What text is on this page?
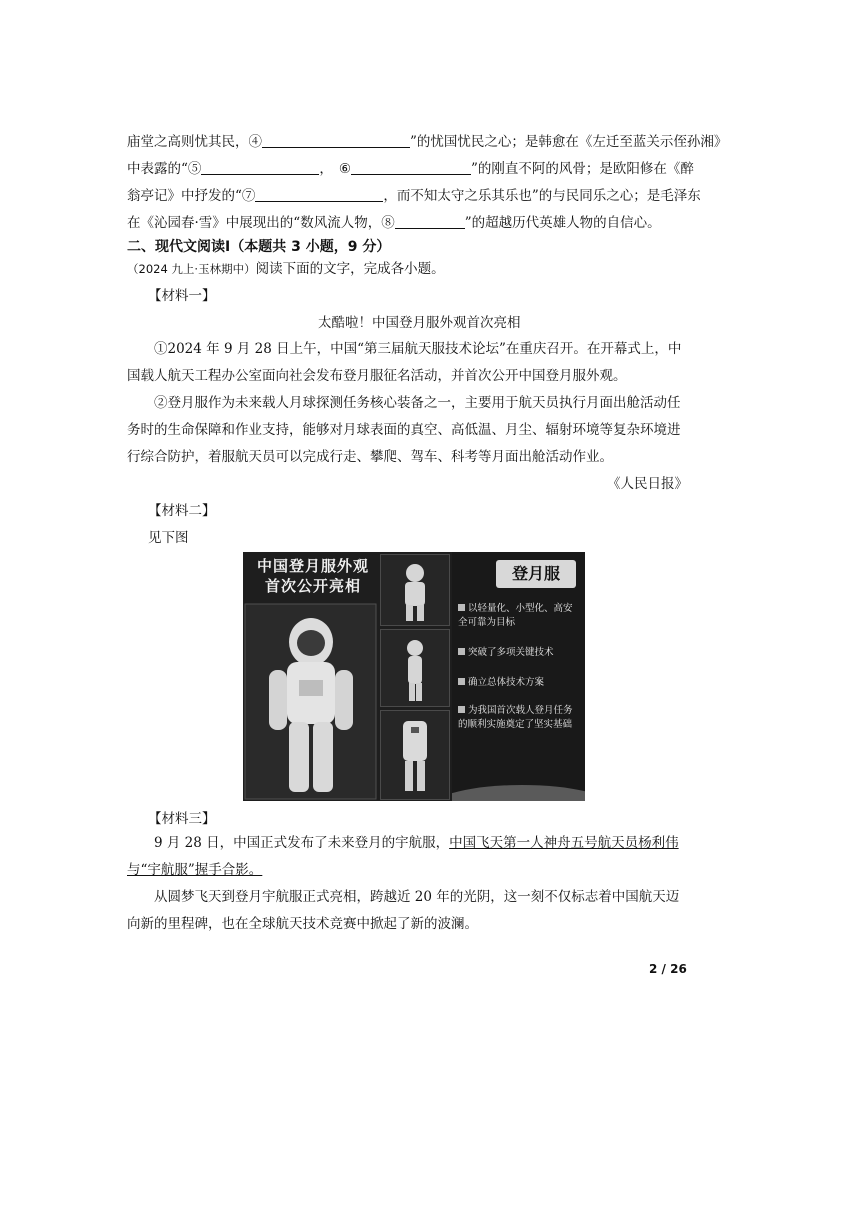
庙堂之高则忧其民，④	”的忧国忧民之心；是韩愈在《左迁至蓝关示侄孙湘》
中表露的“⑤	， ⑥	”的刚直不阿的风骨；是欧阳修在《醉
翁亭记》中抒发的“⑦	，而不知太守之乐其乐也”的与民同乐之心；是毛泽东
在《沁园春·雪》中展现出的“数风流人物，⑧	”的超越历代英雄人物的自信心。
二、现代文阅读Ⅰ（本题共 3 小题，9 分）
（2024 九上·玉林期中）阅读下面的文字，完成各小题。
【材料一】
太酷啦！中国登月服外观首次亮相
①2024 年 9 月 28 日上午，中国“第三届航天服技术论坛”在重庆召开。在开幕式上，中国载人航天工程办公室面向社会发布登月服征名活动，并首次公开中国登月服外观。
②登月服作为未来载人月球探测任务核心装备之一，主要用于航天员执行月面出舱活动任务时的生命保障和作业支持，能够对月球表面的真空、高低温、月尘、辐射环境等复杂环境进行综合防护，着服航天员可以完成行走、攀爬、驾车、科考等月面出舱活动作业。
《人民日报》
【材料二】
见下图
中国登月服外观
首次公开亮相
登月服
以轻量化、小型化、高安全可靠为目标
突破了多项关键技术
确立总体技术方案
为我国首次载人登月任务的顺利实施奠定了坚实基础
【材料三】
9 月 28 日，中国正式发布了未来登月的宇航服，中国飞天第一人神舟五号航天员杨利伟与“宇航服”握手合影。
从圆梦飞天到登月宇航服正式亮相，跨越近 20 年的光阴，这一刻不仅标志着中国航天迈向新的里程碑，也在全球航天技术竞赛中掀起了新的波澜。
2 / 26
